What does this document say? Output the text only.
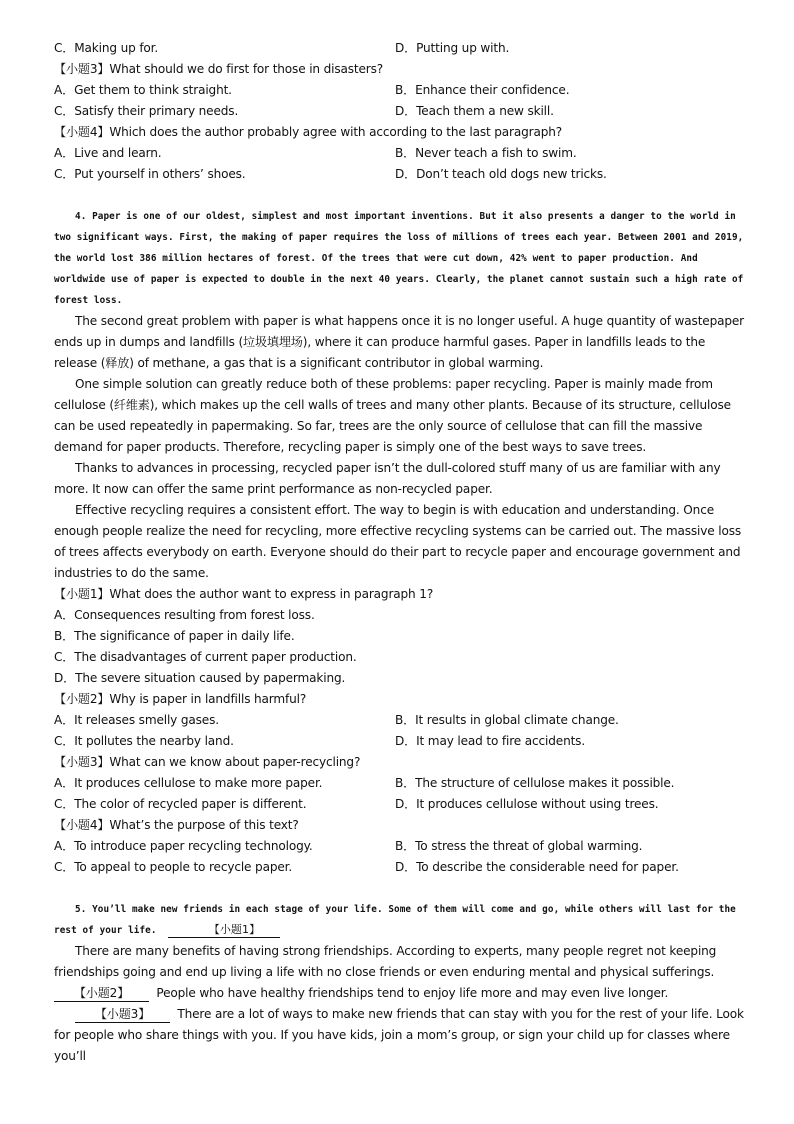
C．Making up for.	D．Putting up with.
【小题3】What should we do first for those in disasters?
A．Get them to think straight.	B．Enhance their confidence.
C．Satisfy their primary needs.	D．Teach them a new skill.
【小题4】Which does the author probably agree with according to the last paragraph?
A．Live and learn.	B．Never teach a fish to swim.
C．Put yourself in others’ shoes.	D．Don’t teach old dogs new tricks.
4. Paper is one of our oldest, simplest and most important inventions. But it also presents a danger to the world in two significant ways. First, the making of paper requires the loss of millions of trees each year. Between 2001 and 2019, the world lost 386 million hectares of forest. Of the trees that were cut down, 42% went to paper production. And worldwide use of paper is expected to double in the next 40 years. Clearly, the planet cannot sustain such a high rate of forest loss.
The second great problem with paper is what happens once it is no longer useful. A huge quantity of wastepaper ends up in dumps and landfills (垃圾填埋场), where it can produce harmful gases. Paper in landfills leads to the release (释放) of methane, a gas that is a significant contributor in global warming.
One simple solution can greatly reduce both of these problems: paper recycling. Paper is mainly made from cellulose (纤维素), which makes up the cell walls of trees and many other plants. Because of its structure, cellulose can be used repeatedly in papermaking. So far, trees are the only source of cellulose that can fill the massive demand for paper products. Therefore, recycling paper is simply one of the best ways to save trees.
Thanks to advances in processing, recycled paper isn’t the dull-colored stuff many of us are familiar with any more. It now can offer the same print performance as non-recycled paper.
Effective recycling requires a consistent effort. The way to begin is with education and understanding. Once enough people realize the need for recycling, more effective recycling systems can be carried out. The massive loss of trees affects everybody on earth. Everyone should do their part to recycle paper and encourage government and industries to do the same.
【小题1】What does the author want to express in paragraph 1?
A．Consequences resulting from forest loss.
B．The significance of paper in daily life.
C．The disadvantages of current paper production.
D．The severe situation caused by papermaking.
【小题2】Why is paper in landfills harmful?
A．It releases smelly gases.	B．It results in global climate change.
C．It pollutes the nearby land.	D．It may lead to fire accidents.
【小题3】What can we know about paper-recycling?
A．It produces cellulose to make more paper.	B．The structure of cellulose makes it possible.
C．The color of recycled paper is different.	D．It produces cellulose without using trees.
【小题4】What’s the purpose of this text?
A．To introduce paper recycling technology.	B．To stress the threat of global warming.
C．To appeal to people to recycle paper.	D．To describe the considerable need for paper.
5. You’ll make new friends in each stage of your life. Some of them will come and go, while others will last for the rest of your life.	【小题1】
There are many benefits of having strong friendships. According to experts, many people regret not keeping friendships going and end up living a life with no close friends or even enduring mental and physical sufferings.
【小题2】 People who have healthy friendships tend to enjoy life more and may even live longer.
【小题3】 There are a lot of ways to make new friends that can stay with you for the rest of your life. Look for people who share things with you. If you have kids, join a mom’s group, or sign your child up for classes where you’ll
